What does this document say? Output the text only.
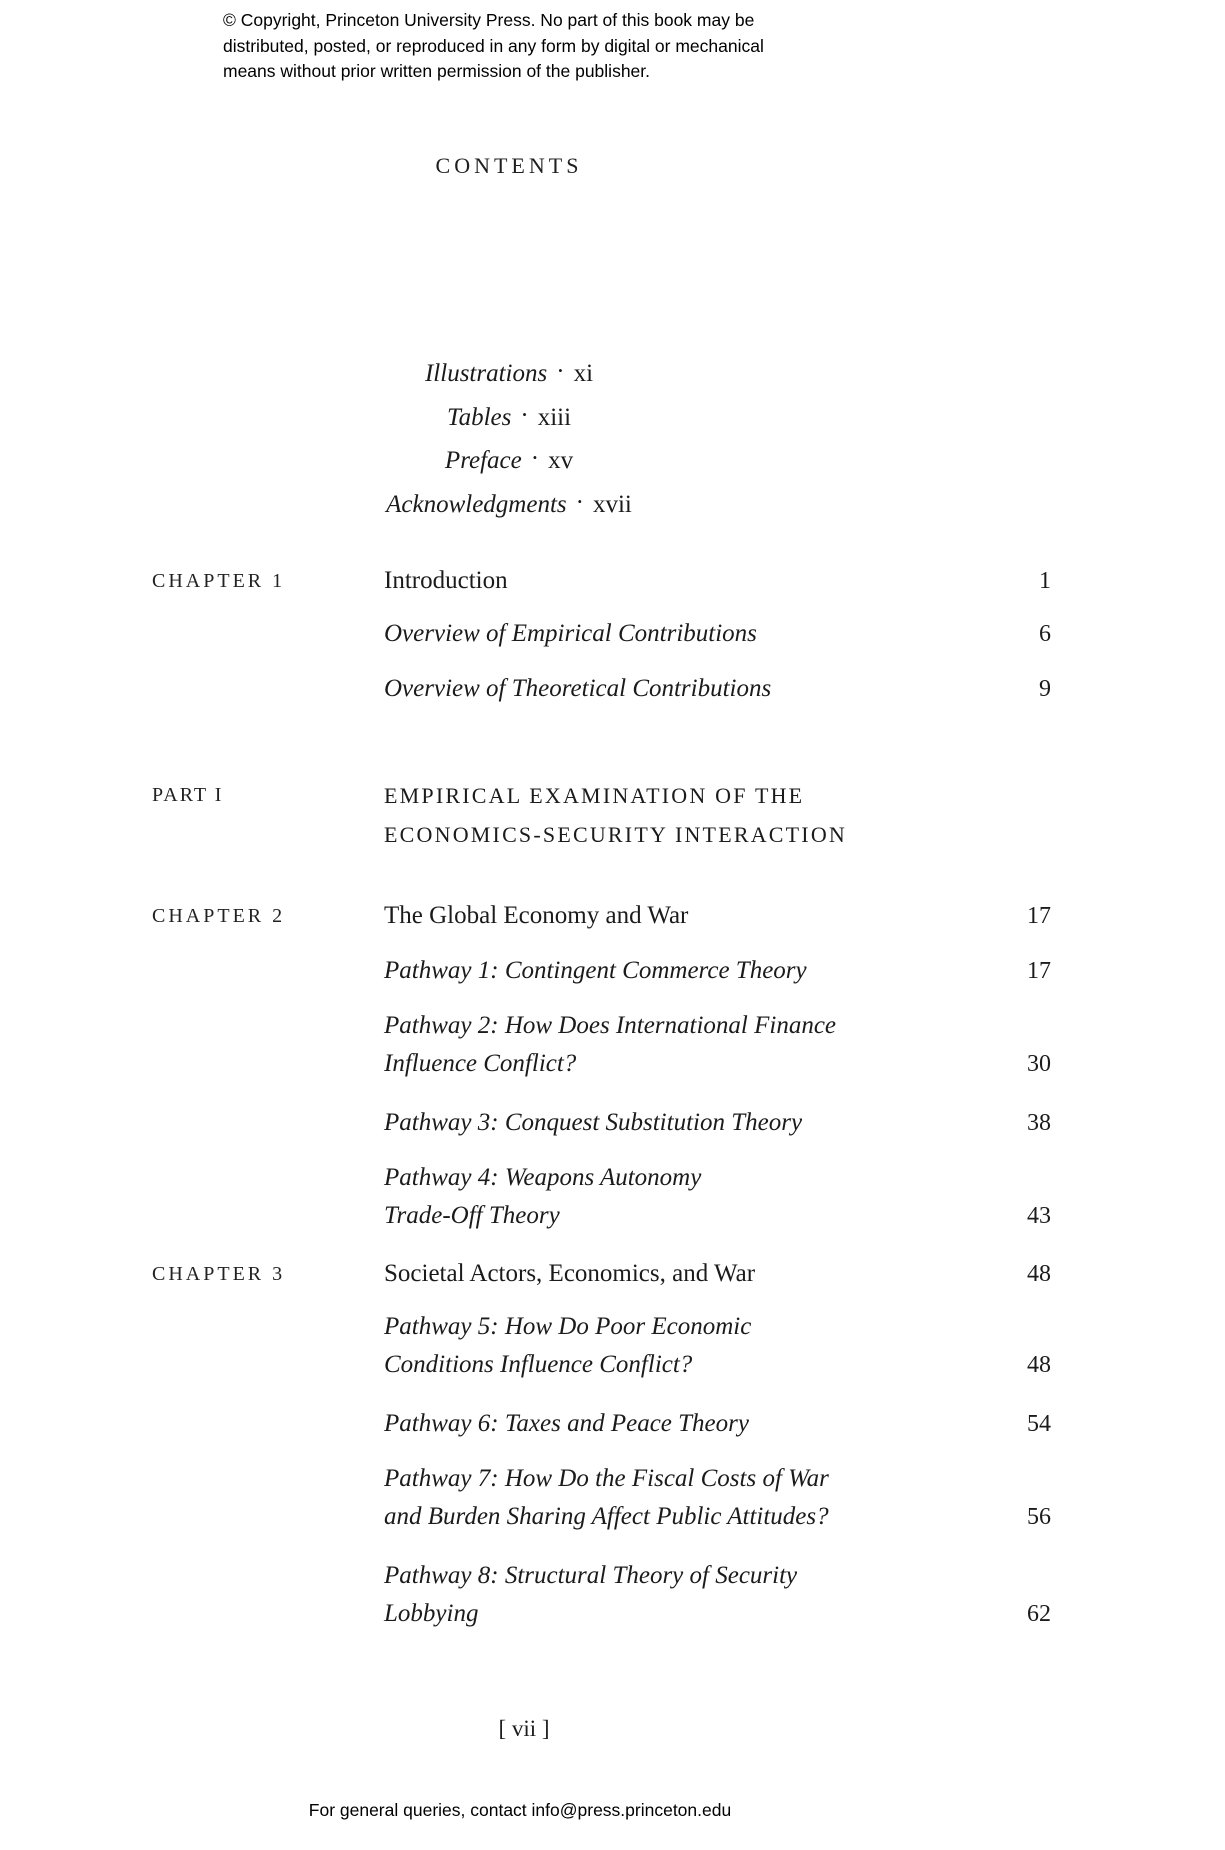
© Copyright, Princeton University Press. No part of this book may be
distributed, posted, or reproduced in any form by digital or mechanical
means without prior written permission of the publisher.
CONTENTS
Illustrations · xi
Tables · xiii
Preface · xv
Acknowledgments · xvii
CHAPTER 1	Introduction	1
Overview of Empirical Contributions	6
Overview of Theoretical Contributions	9
PART I	EMPIRICAL EXAMINATION OF THE
ECONOMICS-SECURITY INTERACTION
CHAPTER 2	The Global Economy and War	17
Pathway 1: Contingent Commerce Theory	17
Pathway 2: How Does International Finance
Influence Conflict?	30
Pathway 3: Conquest Substitution Theory	38
Pathway 4: Weapons Autonomy
Trade-Off Theory	43
CHAPTER 3	Societal Actors, Economics, and War	48
Pathway 5: How Do Poor Economic
Conditions Influence Conflict?	48
Pathway 6: Taxes and Peace Theory	54
Pathway 7: How Do the Fiscal Costs of War
and Burden Sharing Affect Public Attitudes?	56
Pathway 8: Structural Theory of Security
Lobbying	62
[ vii ]
For general queries, contact info@press.princeton.edu
